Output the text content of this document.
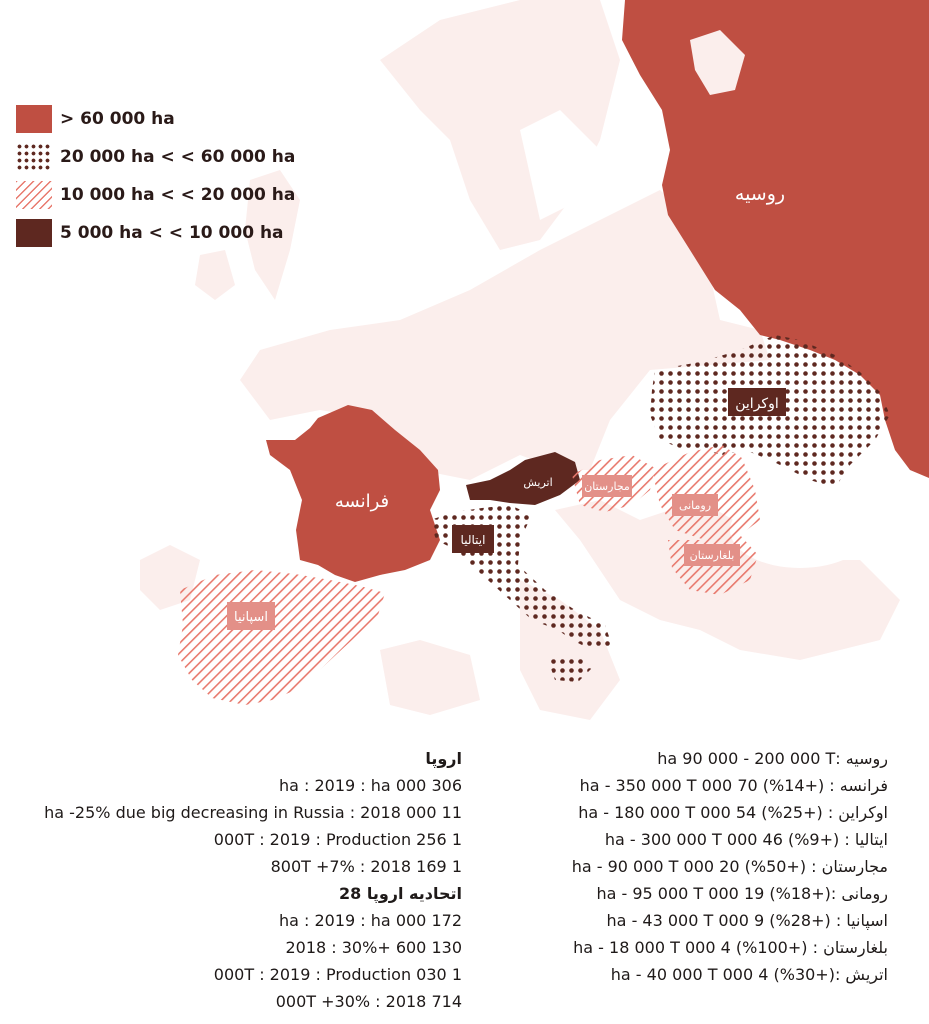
روسیه
فرانسه
اوکراین
اتریش	مجارستان
رومانی
بلغارستان
ایتالیا
اسپانیا
> 60 000 ha
20 000 ha < < 60 000 ha
10 000 ha < < 20 000 ha
5 000 ha < < 10 000 ha
روسیه :ha 90 000 - 200 000 T
فرانسه : (+14%) 70 000 ha - 350 000 T
اوکراین : (+25%) 54 000 ha - 180 000 T
ایتالیا : (+9%) 46 000 ha - 300 000 T
مجارستان : (+50%) 20 000 ha - 90 000 T
رومانی :(+18%) 19 000 ha - 95 000 T
اسپانیا : (+28%) 9 000 ha - 43 000 T
بلغارستان : (+100%) 4 000 ha - 18 000 T
اتریش :(+30%) 4 000 ha - 40 000 T
اروپا
306 000 ha : 2019 : ha
11 000 ha -25% due big decreasing in Russia : 2018
1 256 000T : 2019 : Production
1 169 800T +7% : 2018
اتحادیه اروپا 28
172 000 ha : 2019 : ha
130 600 +30% : 2018
1 030 000T : 2019 : Production
714 000T +30% : 2018
